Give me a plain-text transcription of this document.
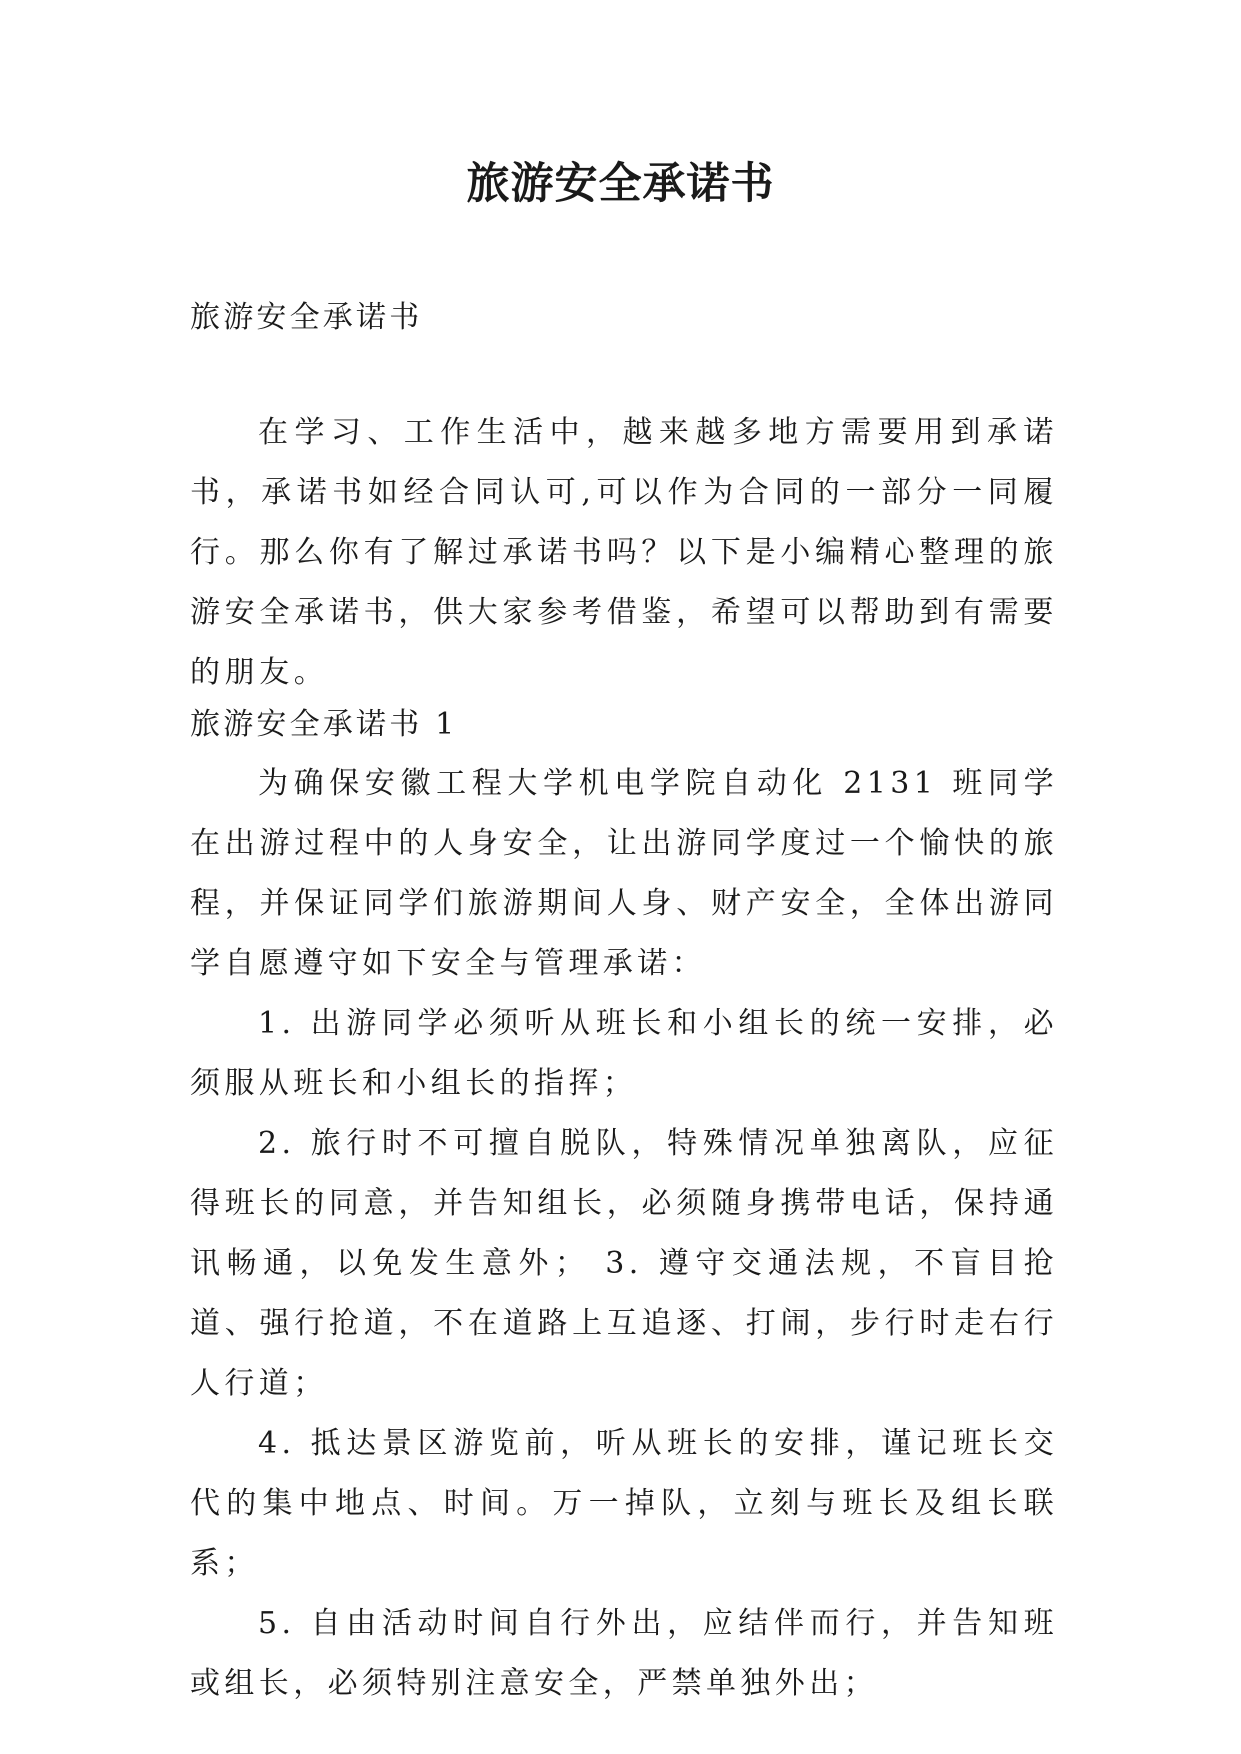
旅游安全承诺书

旅游安全承诺书

在学习、工作生活中，越来越多地方需要用到承诺书，承诺书如经合同认可,可以作为合同的一部分一同履行。那么你有了解过承诺书吗？以下是小编精心整理的旅游安全承诺书，供大家参考借鉴，希望可以帮助到有需要的朋友。

旅游安全承诺书 1

为确保安徽工程大学机电学院自动化 2131 班同学在出游过程中的人身安全，让出游同学度过一个愉快的旅程，并保证同学们旅游期间人身、财产安全，全体出游同学自愿遵守如下安全与管理承诺：

1. 出游同学必须听从班长和小组长的统一安排，必须服从班长和小组长的指挥；

2. 旅行时不可擅自脱队，特殊情况单独离队，应征得班长的同意，并告知组长，必须随身携带电话，保持通讯畅通，以免发生意外； 3. 遵守交通法规，不盲目抢道、强行抢道，不在道路上互追逐、打闹，步行时走右行人行道；

4. 抵达景区游览前，听从班长的安排，谨记班长交代的集中地点、时间。万一掉队，立刻与班长及组长联系；

5. 自由活动时间自行外出，应结伴而行，并告知班或组长，必须特别注意安全，严禁单独外出；
